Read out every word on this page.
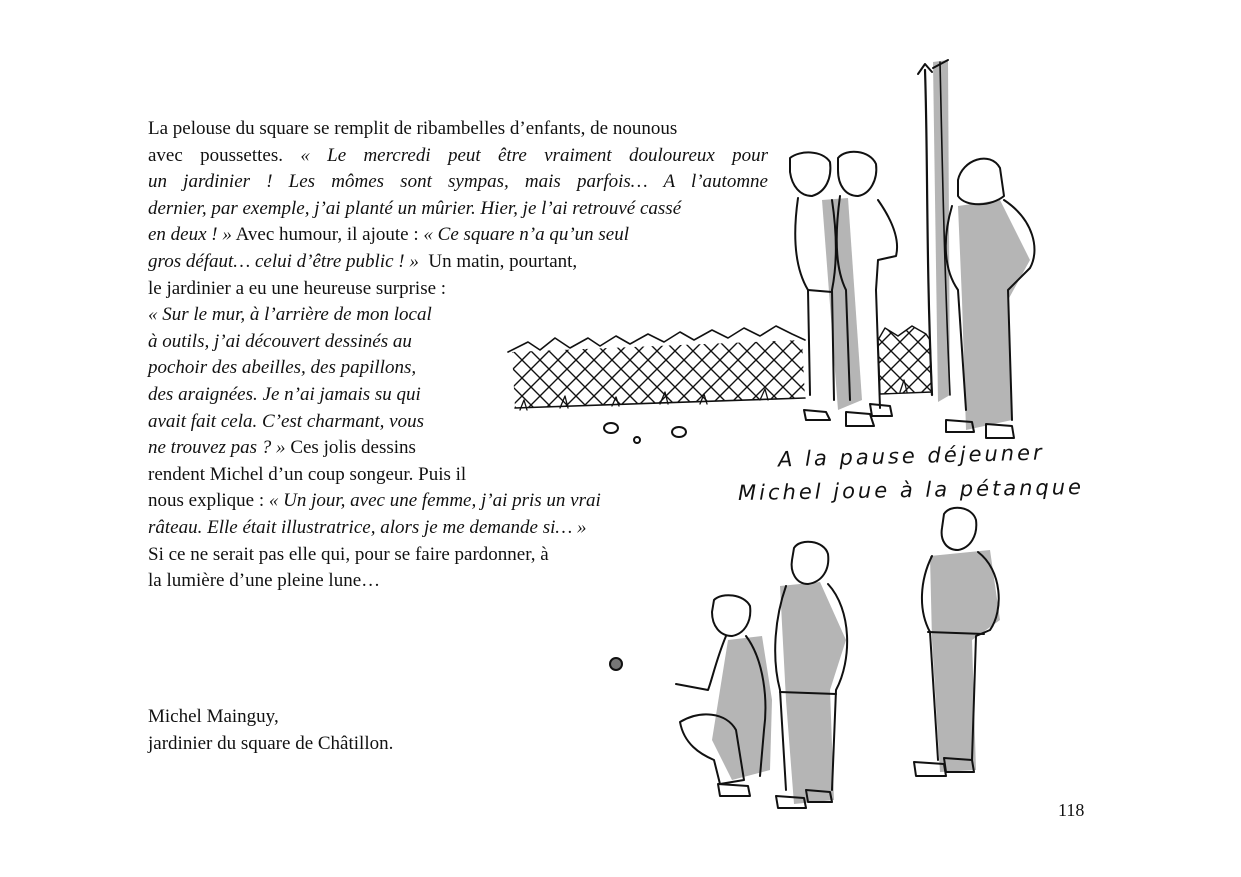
La pelouse du square se remplit de ribambelles d’enfants, de nounous
avec poussettes. « Le mercredi peut être vraiment douloureux pour
un jardinier ! Les mômes sont sympas, mais parfois… A l’automne
dernier, par exemple, j’ai planté un mûrier. Hier, je l’ai retrouvé cassé
en deux ! » Avec humour, il ajoute : « Ce square n’a qu’un seul
gros défaut… celui d’être public ! » Un matin, pourtant,
le jardinier a eu une heureuse surprise :
« Sur le mur, à l’arrière de mon local
à outils, j’ai découvert dessinés au
pochoir des abeilles, des papillons,
des araignées. Je n’ai jamais su qui
avait fait cela. C’est charmant, vous
ne trouvez pas ? » Ces jolis dessins
rendent Michel d’un coup songeur. Puis il
nous explique : « Un jour, avec une femme, j’ai pris un vrai
râteau. Elle était illustratrice, alors je me demande si… »
Si ce ne serait pas elle qui, pour se faire pardonner, à
la lumière d’une pleine lune…
Michel Mainguy,
jardinier du square de Châtillon.
A la pause déjeuner
Michel joue à la pétanque
118
